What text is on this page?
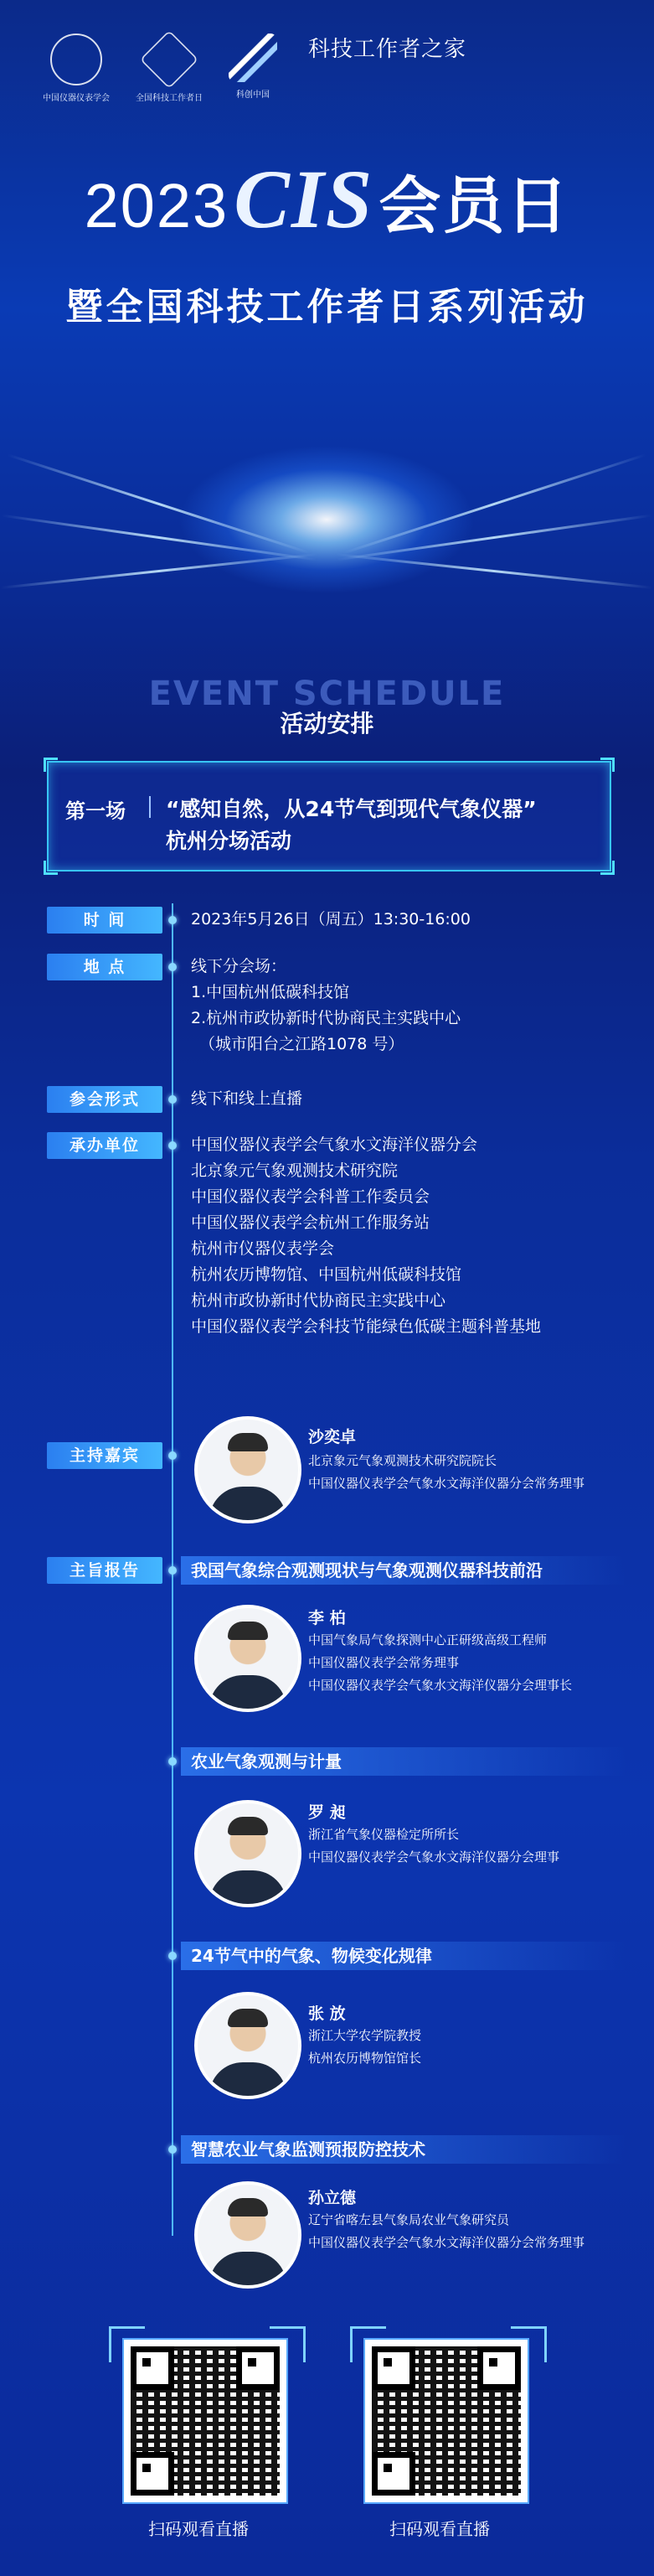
中国仪器仪表学会	全国科技工作者日	科创中国
科技工作者之家
2023CIS会员日
暨全国科技工作者日系列活动
EVENT SCHEDULE
活动安排
第一场 “感知自然，从24节气到现代气象仪器”
杭州分场活动
时 间	2023年5月26日（周五）13:30-16:00
地 点	线下分会场：
1.中国杭州低碳科技馆
2.杭州市政协新时代协商民主实践中心
（城市阳台之江路1078 号）
参会形式	线下和线上直播
承办单位	中国仪器仪表学会气象水文海洋仪器分会
北京象元气象观测技术研究院
中国仪器仪表学会科普工作委员会
中国仪器仪表学会杭州工作服务站
杭州市仪器仪表学会
杭州农历博物馆、中国杭州低碳科技馆
杭州市政协新时代协商民主实践中心
中国仪器仪表学会科技节能绿色低碳主题科普基地
主持嘉宾
沙奕卓
北京象元气象观测技术研究院院长
中国仪器仪表学会气象水文海洋仪器分会常务理事
主旨报告	我国气象综合观测现状与气象观测仪器科技前沿
李 柏
中国气象局气象探测中心正研级高级工程师
中国仪器仪表学会常务理事
中国仪器仪表学会气象水文海洋仪器分会理事长
农业气象观测与计量
罗 昶
浙江省气象仪器检定所所长
中国仪器仪表学会气象水文海洋仪器分会理事
24节气中的气象、物候变化规律
张 放
浙江大学农学院教授
杭州农历博物馆馆长
智慧农业气象监测预报防控技术
孙立德
辽宁省喀左县气象局农业气象研究员
中国仪器仪表学会气象水文海洋仪器分会常务理事
扫码观看直播	扫码观看直播
